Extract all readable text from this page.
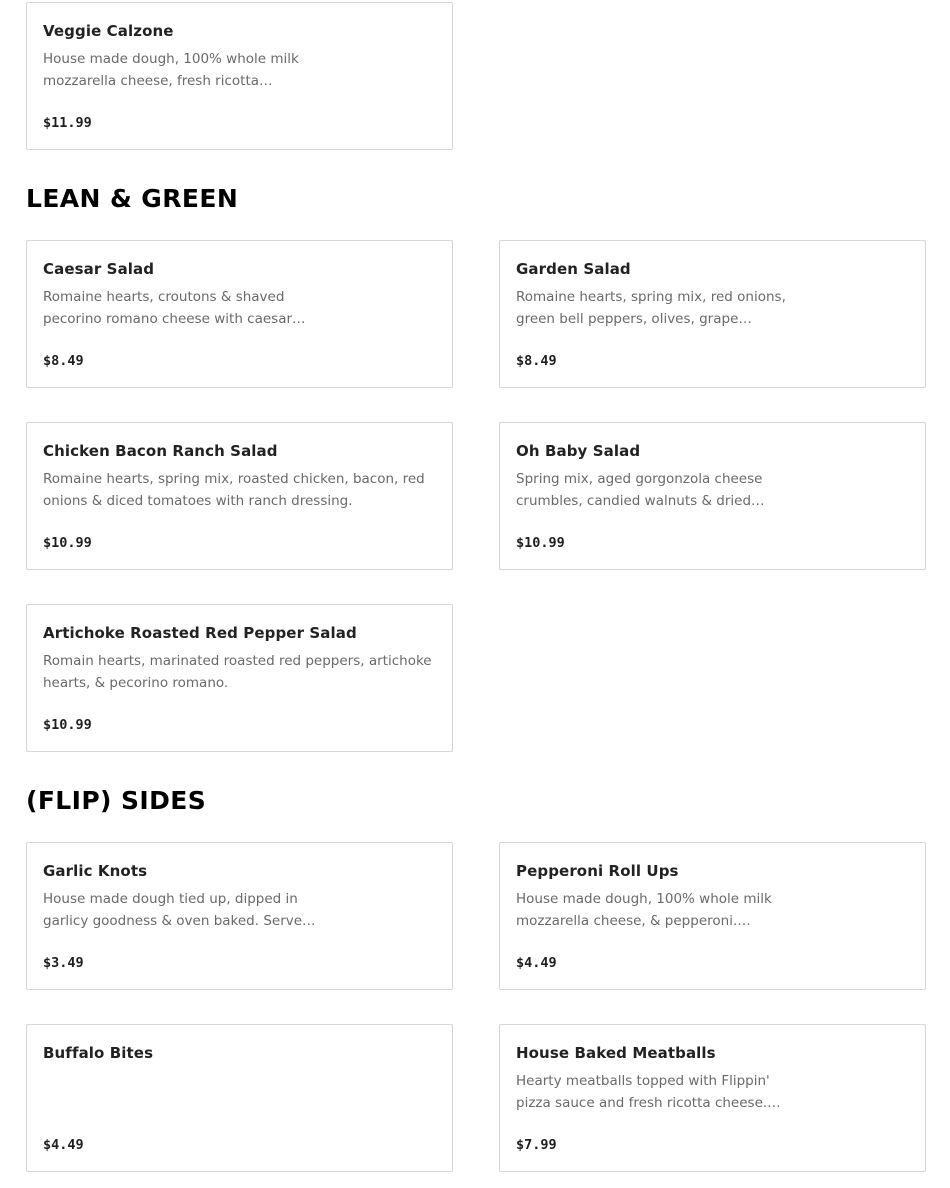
Veggie Calzone
House made dough, 100% whole milk
mozzarella cheese, fresh ricotta…
$11.99
LEAN & GREEN
Caesar Salad
Romaine hearts, croutons & shaved
pecorino romano cheese with caesar…
$8.49
Garden Salad
Romaine hearts, spring mix, red onions,
green bell peppers, olives, grape…
$8.49
Chicken Bacon Ranch Salad
Romaine hearts, spring mix, roasted chicken, bacon, red
onions & diced tomatoes with ranch dressing.
$10.99
Oh Baby Salad
Spring mix, aged gorgonzola cheese
crumbles, candied walnuts & dried…
$10.99
Artichoke Roasted Red Pepper Salad
Romain hearts, marinated roasted red peppers, artichoke
hearts, & pecorino romano.
$10.99
(FLIP) SIDES
Garlic Knots
House made dough tied up, dipped in
garlicy goodness & oven baked. Serve…
$3.49
Pepperoni Roll Ups
House made dough, 100% whole milk
mozzarella cheese, & pepperoni.…
$4.49
Buffalo Bites
$4.49
House Baked Meatballs
Hearty meatballs topped with Flippin'
pizza sauce and fresh ricotta cheese.…
$7.99
